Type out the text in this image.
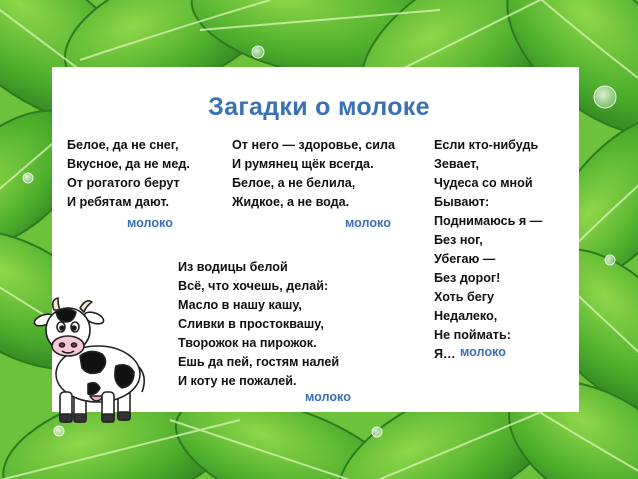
Загадки о молоке
Белое, да не снег,
Вкусное, да не мед.
От рогатого берут
И ребятам дают.
молоко
От него — здоровье, сила
И румянец щёк всегда.
Белое, а не белила,
Жидкое, а не вода.
молоко
Если кто-нибудь
Зевает,
Чудеса со мной
Бывают:
Поднимаюсь я —
Без ног,
Убегаю —
Без дорог!
Хоть бегу
Недалеко,
Не поймать:
Я… молоко
Из водицы белой
Всё, что хочешь, делай:
Масло в нашу кашу,
Сливки в простоквашу,
Творожок на пирожок.
Ешь да пей, гостям налей
И коту не пожалей.
молоко
